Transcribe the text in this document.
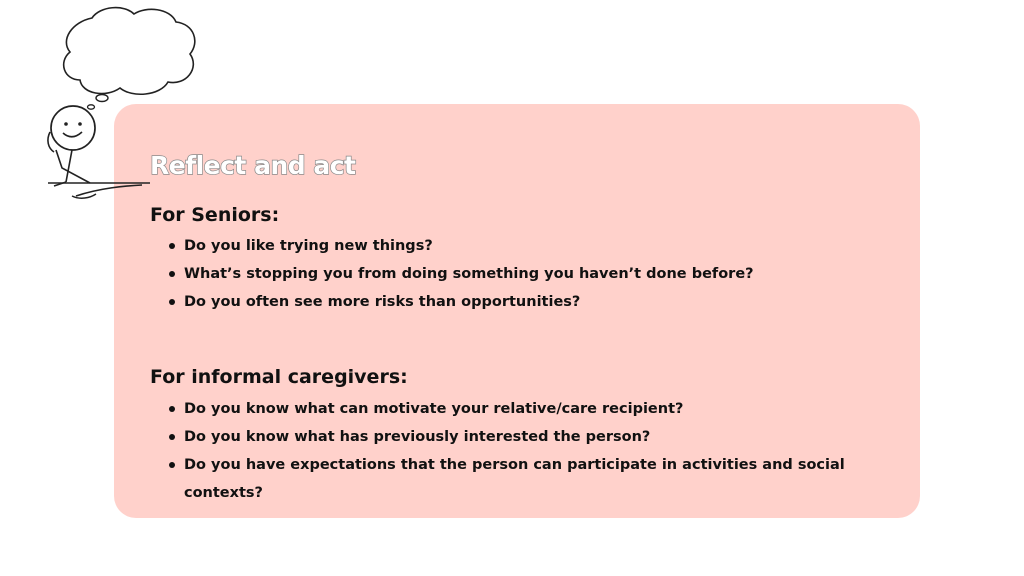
Reflect and act
For Seniors:
Do you like trying new things?
What’s stopping you from doing something you haven’t done before?
Do you often see more risks than opportunities?
For informal caregivers:
Do you know what can motivate your relative/care recipient?
Do you know what has previously interested the person?
Do you have expectations that the person can participate in activities and social contexts?
